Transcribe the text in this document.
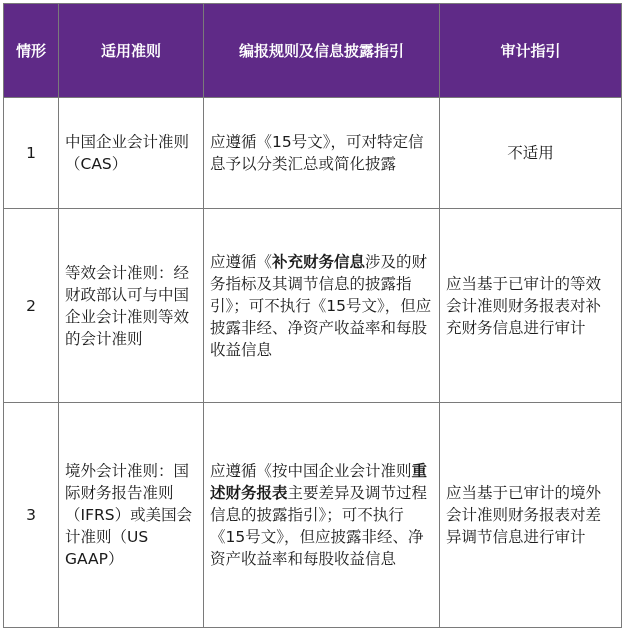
情形	适用准则	编报规则及信息披露指引	审计指引
1	中国企业会计准则（CAS）	应遵循《15号文》，可对特定信息予以分类汇总或简化披露	不适用
2	等效会计准则：经财政部认可与中国企业会计准则等效的会计准则	应遵循《补充财务信息涉及的财务指标及其调节信息的披露指引》；可不执行《15号文》，但应披露非经、净资产收益率和每股收益信息	应当基于已审计的等效会计准则财务报表对补充财务信息进行审计
3	境外会计准则：国际财务报告准则（IFRS）或美国会计准则（US GAAP）	应遵循《按中国企业会计准则重述财务报表主要差异及调节过程信息的披露指引》；可不执行《15号文》，但应披露非经、净资产收益率和每股收益信息	应当基于已审计的境外会计准则财务报表对差异调节信息进行审计
